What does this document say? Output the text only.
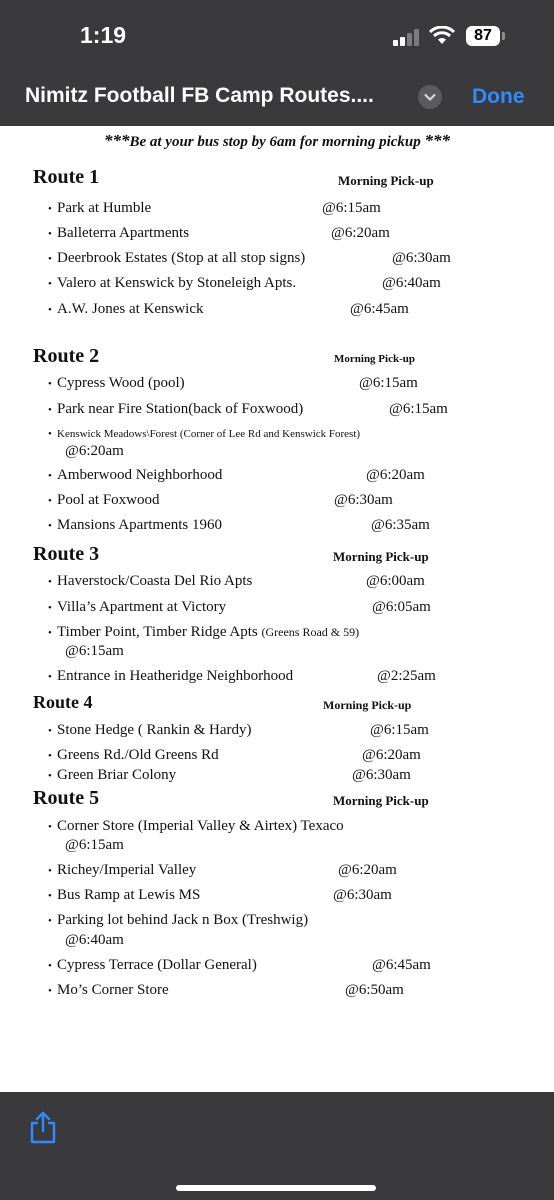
1:19	87
Nimitz Football FB Camp Routes....	Done
***Be at your bus stop by 6am for morning pickup ***
Route 1	Morning Pick-up
• Park at Humble	@6:15am
• Balleterra Apartments	@6:20am
• Deerbrook Estates (Stop at all stop signs)	@6:30am
• Valero at Kenswick by Stoneleigh Apts.	@6:40am
• A.W. Jones at Kenswick	@6:45am
Route 2	Morning Pick-up
• Cypress Wood (pool)	@6:15am
• Park near Fire Station(back of Foxwood)	@6:15am
• Kenswick Meadows\Forest (Corner of Lee Rd and Kenswick Forest)
@6:20am
• Amberwood Neighborhood	@6:20am
• Pool at Foxwood	@6:30am
• Mansions Apartments 1960	@6:35am
Route 3	Morning Pick-up
• Haverstock/Coasta Del Rio Apts	@6:00am
• Villa’s Apartment at Victory	@6:05am
• Timber Point, Timber Ridge Apts (Greens Road & 59)
@6:15am
• Entrance in Heatheridge Neighborhood	@2:25am
Route 4	Morning Pick-up
• Stone Hedge ( Rankin & Hardy)	@6:15am
• Greens Rd./Old Greens Rd	@6:20am
• Green Briar Colony	@6:30am
Route 5	Morning Pick-up
• Corner Store (Imperial Valley & Airtex) Texaco
@6:15am
• Richey/Imperial Valley	@6:20am
• Bus Ramp at Lewis MS	@6:30am
• Parking lot behind Jack n Box (Treshwig)
@6:40am
• Cypress Terrace (Dollar General)	@6:45am
• Mo’s Corner Store	@6:50am
